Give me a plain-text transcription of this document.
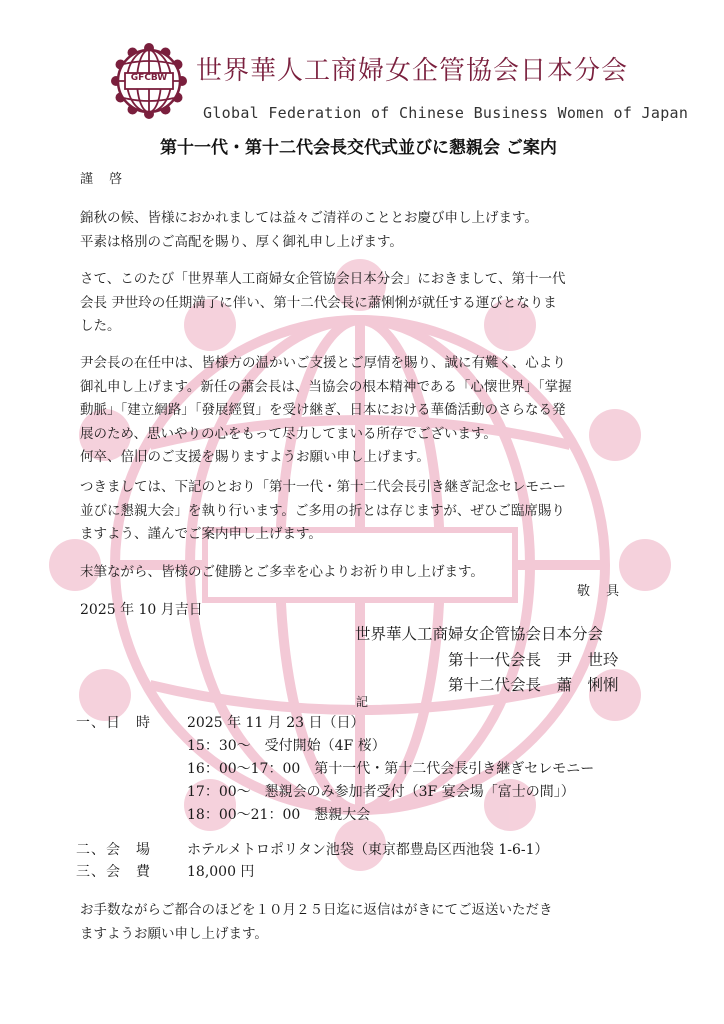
GFCBW 世界華人工商婦女企管協会日本分会
Global Federation of Chinese Business Women of Japan
第十一代・第十二代会長交代式並びに懇親会 ご案内
謹 啓
錦秋の候、皆様におかれましては益々ご清祥のこととお慶び申し上げます。
平素は格別のご高配を賜り、厚く御礼申し上げます。
さて、このたび「世界華人工商婦女企管協会日本分会」におきまして、第十一代
会長 尹世玲の任期満了に伴い、第十二代会長に蕭悧悧が就任する運びとなりま
した。
尹会長の在任中は、皆様方の温かいご支援とご厚情を賜り、誠に有難く、心より
御礼申し上げます。新任の蕭会長は、当協会の根本精神である「心懐世界」「掌握
動脈」「建立網路」「發展經貿」を受け継ぎ、日本における華僑活動のさらなる発
展のため、思いやりの心をもって尽力してまいる所存でございます。
何卒、倍旧のご支援を賜りますようお願い申し上げます。
つきましては、下記のとおり「第十一代・第十二代会長引き継ぎ記念セレモニー
並びに懇親大会」を執り行います。ご多用の折とは存じますが、ぜひご臨席賜り
ますよう、謹んでご案内申し上げます。
末筆ながら、皆様のご健勝とご多幸を心よりお祈り申し上げます。
敬 具
2025 年 10 月吉日
世界華人工商婦女企管協会日本分会
第十一代会長　尹　世玲
第十二代会長　蕭　悧悧
記
一、日　時	2025 年 11 月 23 日（日）
15：30～　受付開始（4F 桜）
16：00～17：00　第十一代・第十二代会長引き継ぎセレモニー
17：00～　懇親会のみ参加者受付（3F 宴会場「富士の間」）
18：00～21：00　懇親大会
二、会　場	ホテルメトロポリタン池袋（東京都豊島区西池袋 1-6-1）
三、会　費	18,000 円
お手数ながらご都合のほどを１０月２５日迄に返信はがきにてご返送いただき
ますようお願い申し上げます。
